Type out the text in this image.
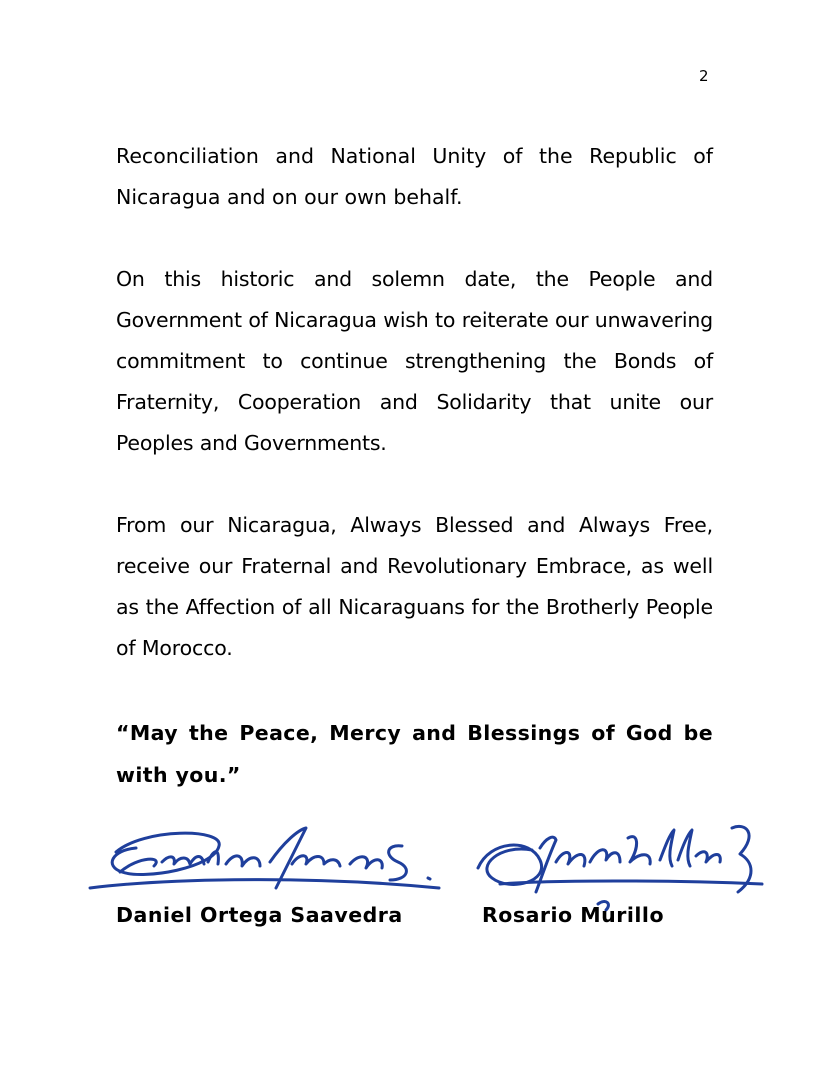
2

Reconciliation and National Unity of the Republic of Nicaragua and on our own behalf.

On this historic and solemn date, the People and Government of Nicaragua wish to reiterate our unwavering commitment to continue strengthening the Bonds of Fraternity, Cooperation and Solidarity that unite our Peoples and Governments.

From our Nicaragua, Always Blessed and Always Free, receive our Fraternal and Revolutionary Embrace, as well as the Affection of all Nicaraguans for the Brotherly People of Morocco.

“May the Peace, Mercy and Blessings of God be with you.”

Daniel Ortega Saavedra	Rosario Murillo
